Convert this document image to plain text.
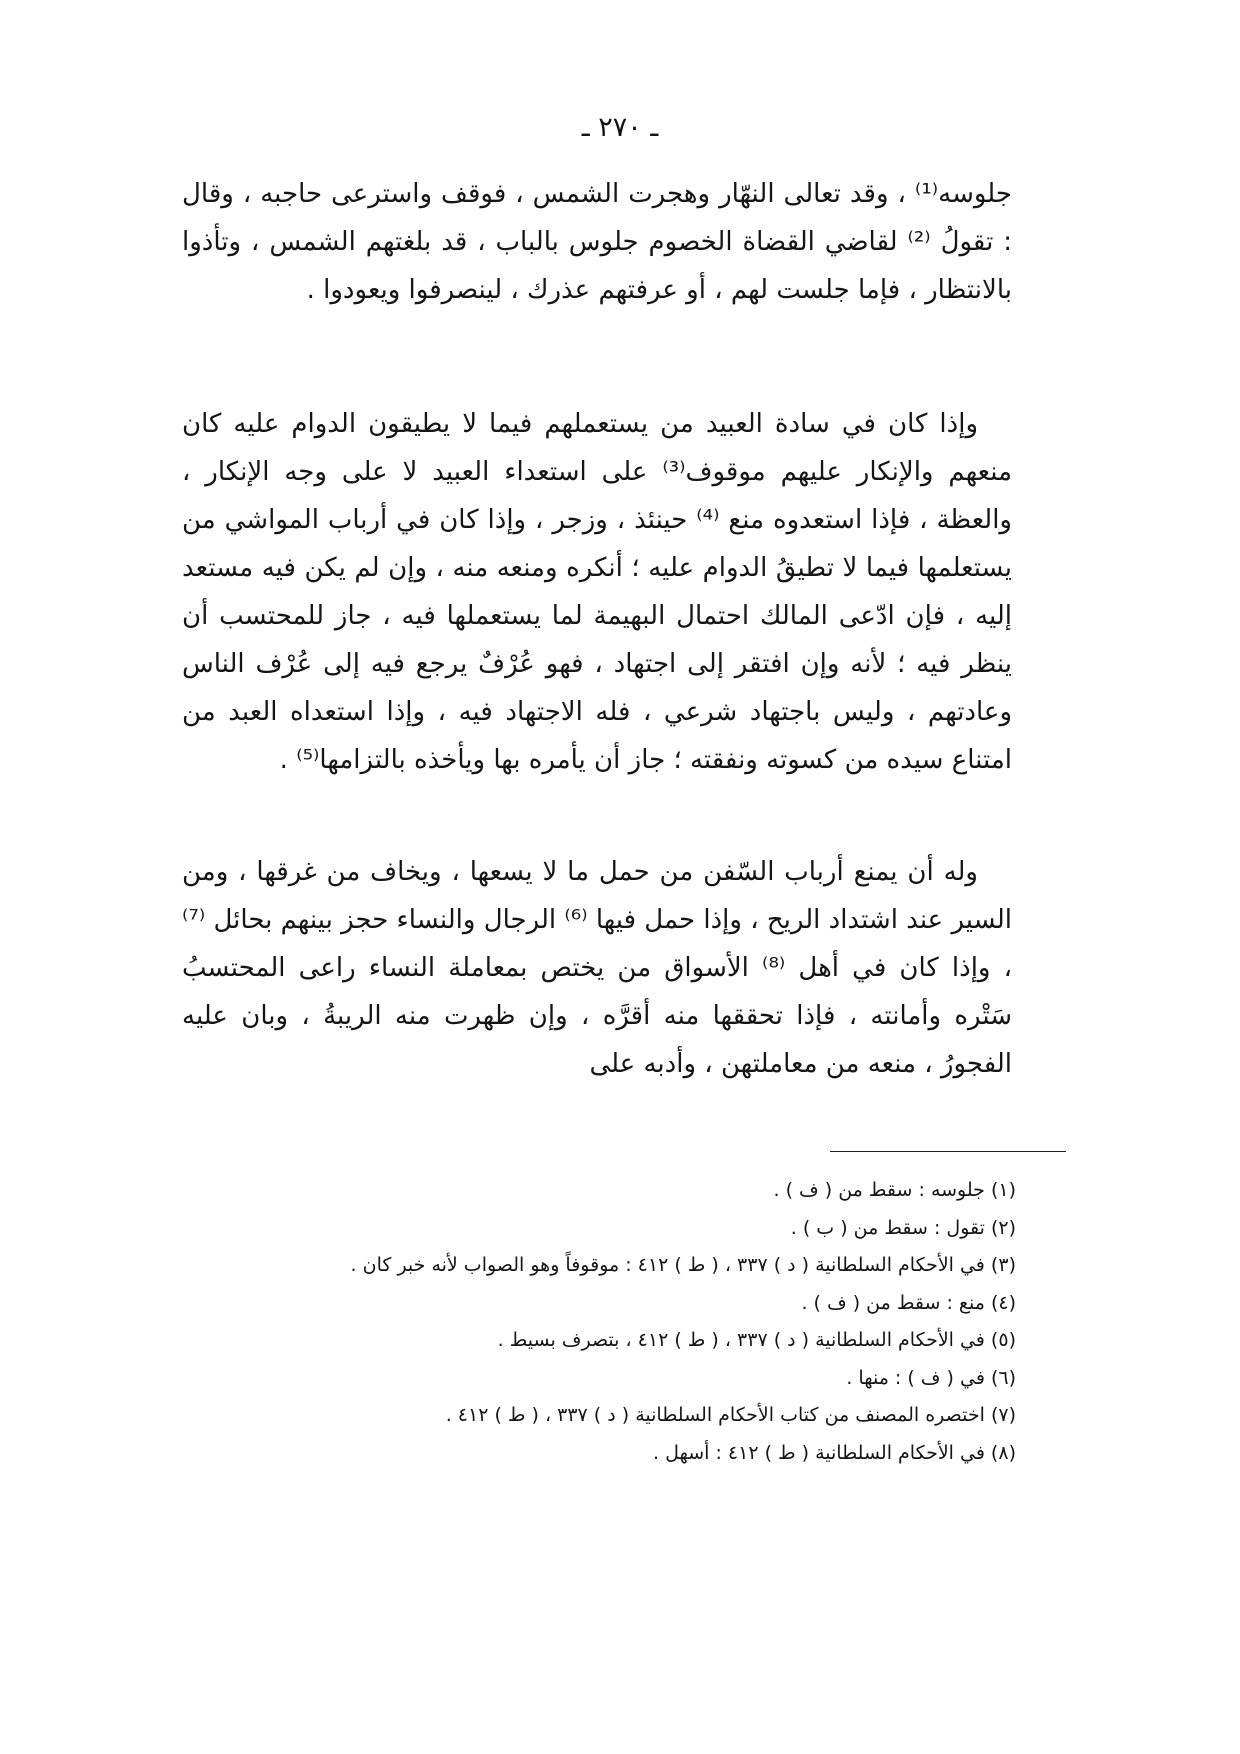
ـ ٢٧٠ ـ

جلوسه⁽¹⁾ ، وقد تعالى النهّار وهجرت الشمس ، فوقف واسترعى حاجبه ، وقال : تقولُ ⁽²⁾ لقاضي القضاة الخصوم جلوس بالباب ، قد بلغتهم الشمس ، وتأذوا بالانتظار ، فإما جلست لهم ، أو عرفتهم عذرك ، لينصرفوا ويعودوا .

وإذا كان في سادة العبيد من يستعملهم فيما لا يطيقون الدوام عليه كان منعهم والإنكار عليهم موقوف⁽³⁾ على استعداء العبيد لا على وجه الإنكار ، والعظة ، فإذا استعدوه منع ⁽⁴⁾ حينئذ ، وزجر ، وإذا كان في أرباب المواشي من يستعلمها فيما لا تطيقُ الدوام عليه ؛ أنكره ومنعه منه ، وإن لم يكن فيه مستعد إليه ، فإن ادّعى المالك احتمال البهيمة لما يستعملها فيه ، جاز للمحتسب أن ينظر فيه ؛ لأنه وإن افتقر إلى اجتهاد ، فهو عُرْفٌ يرجع فيه إلى عُرْف الناس وعادتهم ، وليس باجتهاد شرعي ، فله الاجتهاد فيه ، وإذا استعداه العبد من امتناع سيده من كسوته ونفقته ؛ جاز أن يأمره بها ويأخذه بالتزامها⁽⁵⁾ .

وله أن يمنع أرباب السّفن من حمل ما لا يسعها ، ويخاف من غرقها ، ومن السير عند اشتداد الريح ، وإذا حمل فيها ⁽⁶⁾ الرجال والنساء حجز بينهم بحائل ⁽⁷⁾ ، وإذا كان في أهل ⁽⁸⁾ الأسواق من يختص بمعاملة النساء راعى المحتسبُ سَتْره وأمانته ، فإذا تحققها منه أقرَّه ، وإن ظهرت منه الريبةُ ، وبان عليه الفجورُ ، منعه من معاملتهن ، وأدبه على

(١) جلوسه : سقط من ( ف ) .

(٢) تقول : سقط من ( ب ) .

(٣) في الأحكام السلطانية ( د ) ٣٣٧ ، ( ط ) ٤١٢ : موقوفاً وهو الصواب لأنه خبر كان .

(٤) منع : سقط من ( ف ) .

(٥) في الأحكام السلطانية ( د ) ٣٣٧ ، ( ط ) ٤١٢ ، بتصرف بسيط .

(٦) في ( ف ) : منها .

(٧) اختصره المصنف من كتاب الأحكام السلطانية ( د ) ٣٣٧ ، ( ط ) ٤١٢ .

(٨) في الأحكام السلطانية ( ط ) ٤١٢ : أسهل .
